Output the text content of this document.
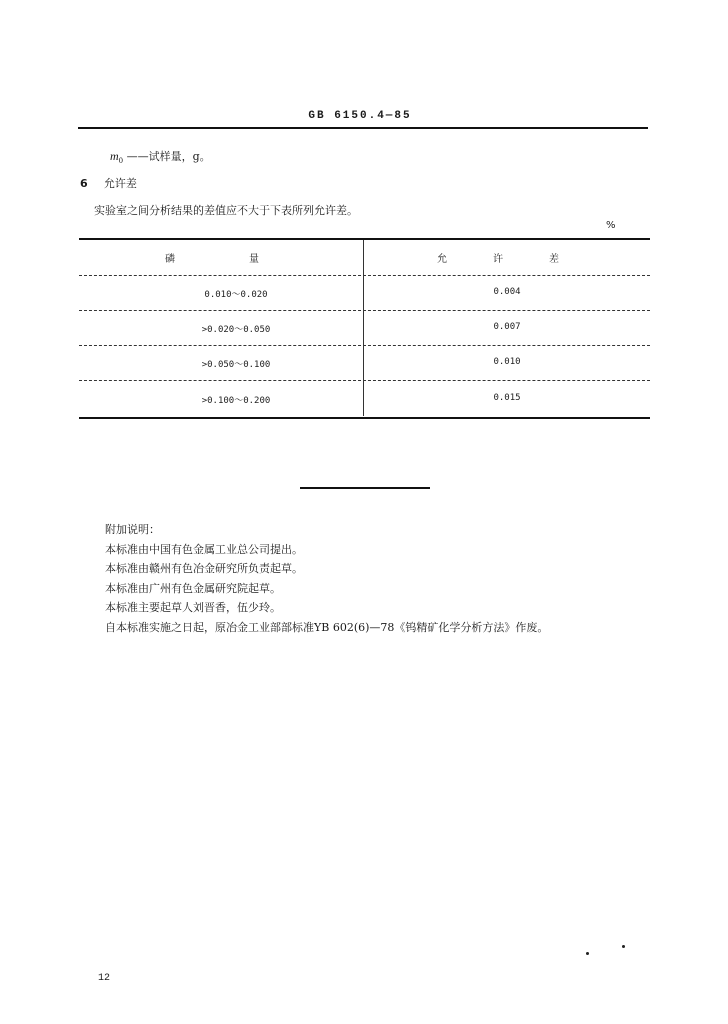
GB 6150.4—85
$m_0$ ——试样量，g。
6 允许差
实验室之间分析结果的差值应不大于下表所列允许差。
%
磷　　量	允　许　差
0.010～0.020	0.004
>0.020～0.050	0.007
>0.050～0.100	0.010
>0.100～0.200	0.015
附加说明：
本标准由中国有色金属工业总公司提出。
本标准由赣州有色冶金研究所负责起草。
本标准由广州有色金属研究院起草。
本标准主要起草人刘晋香，伍少玲。
自本标准实施之日起，原冶金工业部部标准YB 602(6)—78《钨精矿化学分析方法》作废。
12
